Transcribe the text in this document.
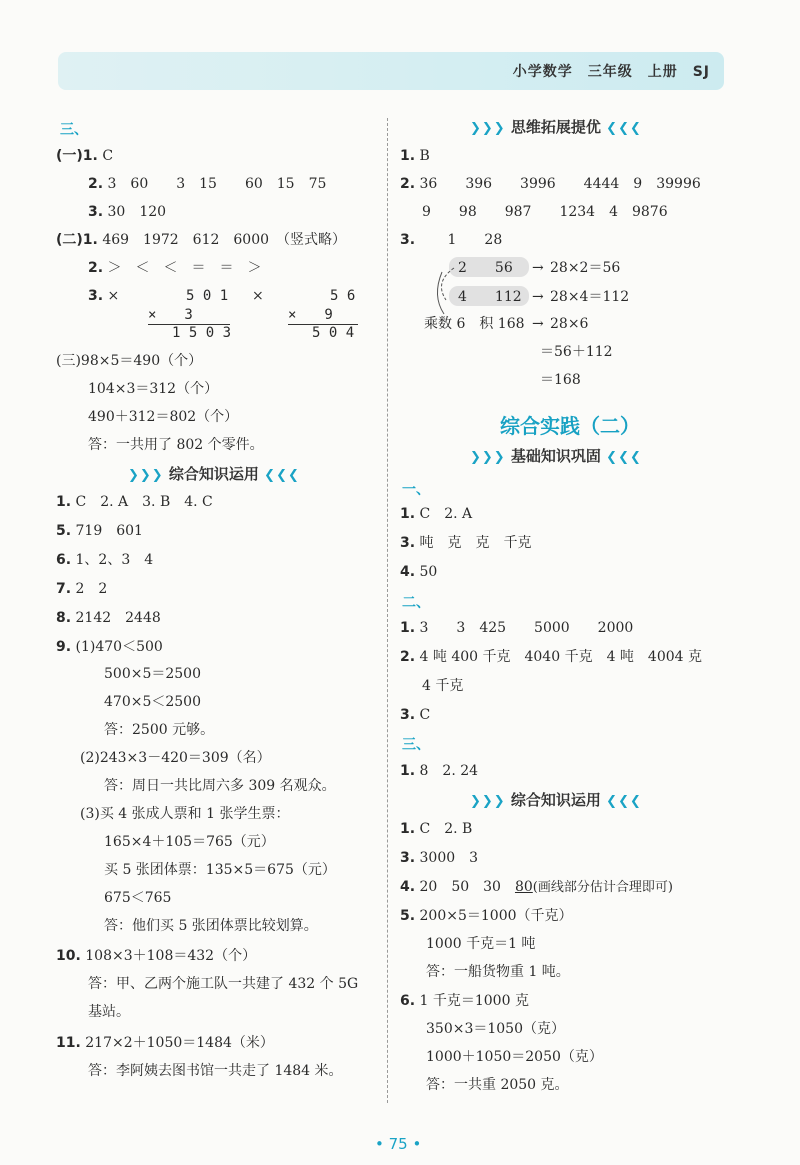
小学数学　三年级　上册　SJ
三、
(一)1. C
2. 3　60　　3　15　　60　15　75
3. 30　120
(二)1. 469　1972　612　6000　（竖式略）
2. ＞　＜　＜　＝　＝　＞
3. ×	5 0 1
×　　3
1 5 0 3
×	5 6
×　　9
5 0 4
(三)98×5＝490（个）
104×3＝312（个）
490＋312＝802（个）
答：一共用了 802 个零件。
❯❯❯ 综合知识运用 ❮❮❮
1. C　2. A　3. B　4. C
5. 719　601
6. 1、2、3　4
7. 2　2
8. 2142　2448
9. (1)470＜500
500×5＝2500
470×5＜2500
答：2500 元够。
(2)243×3－420＝309（名）
答：周日一共比周六多 309 名观众。
(3)买 4 张成人票和 1 张学生票：
165×4＋105＝765（元）
买 5 张团体票：135×5＝675（元）
675＜765
答：他们买 5 张团体票比较划算。
10. 108×3＋108＝432（个）
答：甲、乙两个施工队一共建了 432 个 5G
基站。
11. 217×2＋1050＝1484（米）
答：李阿姨去图书馆一共走了 1484 米。
❯❯❯ 思维拓展提优 ❮❮❮
1. B
2. 36　　396　　3996　　4444　9　39996
9　　98　　987　　1234　4　9876
3.　　 1　　28
2　　56 → 28×2＝56
4　　112 → 28×4＝112
乘数 6　积 168 → 28×6
＝56＋112
＝168
综合实践（二）
❯❯❯ 基础知识巩固 ❮❮❮
一、
1. C　2. A
3. 吨　克　克　千克
4. 50
二、
1. 3　　3　425　　5000　　2000
2. 4 吨 400 千克　4040 千克　4 吨　4004 克
4 千克
3. C
三、
1. 8　2. 24
❯❯❯ 综合知识运用 ❮❮❮
1. C　2. B
3. 3000　3
4. 20　50　30　80(画线部分估计合理即可)
5. 200×5＝1000（千克）
1000 千克＝1 吨
答：一船货物重 1 吨。
6. 1 千克＝1000 克
350×3＝1050（克）
1000＋1050＝2050（克）
答：一共重 2050 克。
• 75 •
